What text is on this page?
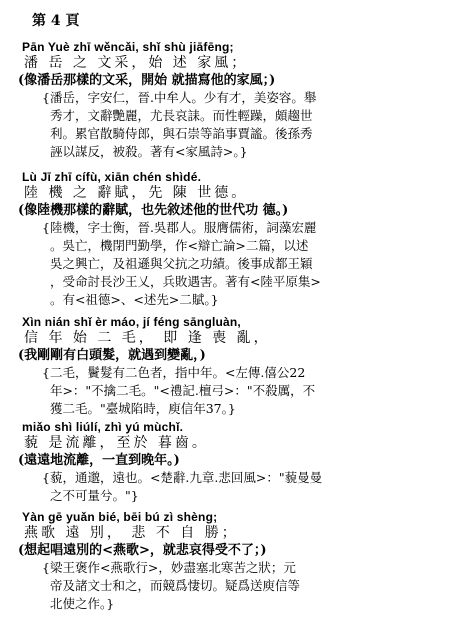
第 4 頁
Pān Yuè zhī wěncǎi, shǐ shù jiāfēng;
潘 岳 之 文采，始 述 家風；
(像潘岳那樣的文采，開始 就描寫他的家風；)
{潘岳，字安仁，晉.中牟人。少有才，美姿容。舉
秀才，文辭艷麗，尤長哀誄。而性輕躁，頗趨世
利。累官散騎侍郎，與石崇等諂事賈謐。後孫秀
誣以謀反，被殺。著有<家風詩>。}
Lù Jī zhī cífù, xiān chén shìdé.
陸 機 之 辭賦，先 陳 世德。
(像陸機那樣的辭賦，也先敘述他的世代功 德。)
{陸機，字士衡，晉.吳郡人。服膺儒術，詞藻宏麗
。吳亡，機閉門勤學，作<辯亡論>二篇，以述
吳之興亡，及祖遜與父抗之功績。後事成都王穎
，受命討長沙王乂，兵敗遇害。著有<陸平原集>
。有<祖德>、<述先>二賦。}
Xìn nián shǐ èr máo, jí féng sāngluàn,
信 年 始 二 毛， 即 逢 喪 亂，
(我剛剛有白頭髮，就遇到變亂，)
{二毛，鬢髮有二色者，指中年。<左傳.僖公22
年>："不擒二毛。"<禮記.檀弓>："不殺厲，不
獲二毛。"臺城陷時，庾信年37。}
miǎo shì liúlí, zhì yú mùchǐ.
藐 是流離，至於 暮齒。
(遠遠地流離，一直到晚年。)
{藐，通邈，遠也。<楚辭.九章.悲回風>："藐曼曼
之不可量兮。"}
Yàn gē yuǎn bié, bēi bú zì shèng;
燕歌 遠 別， 悲 不 自 勝；
(想起唱遠別的<燕歌>，就悲哀得受不了；)
{梁王褒作<燕歌行>，妙盡塞北寒苦之狀；元
帝及諸文士和之，而競爲悽切。疑爲送庾信等
北使之作。}
